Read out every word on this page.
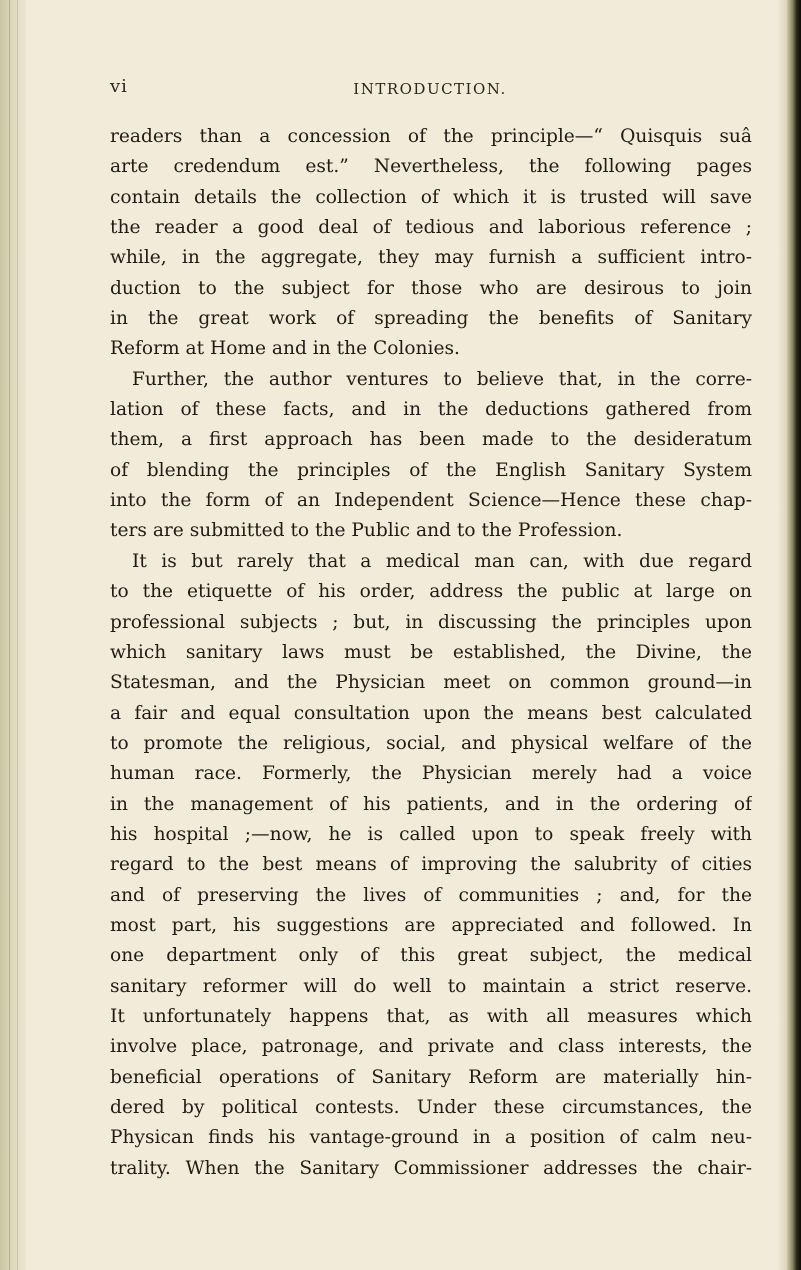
vi	INTRODUCTION.
readers than a concession of the principle—“ Quisquis suâ
arte credendum est.” Nevertheless, the following pages
contain details the collection of which it is trusted will save
the reader a good deal of tedious and laborious reference ;
while, in the aggregate, they may furnish a sufficient intro-
duction to the subject for those who are desirous to join
in the great work of spreading the benefits of Sanitary
Reform at Home and in the Colonies.
Further, the author ventures to believe that, in the corre-
lation of these facts, and in the deductions gathered from
them, a first approach has been made to the desideratum
of blending the principles of the English Sanitary System
into the form of an Independent Science—Hence these chap-
ters are submitted to the Public and to the Profession.
It is but rarely that a medical man can, with due regard
to the etiquette of his order, address the public at large on
professional subjects ; but, in discussing the principles upon
which sanitary laws must be established, the Divine, the
Statesman, and the Physician meet on common ground—in
a fair and equal consultation upon the means best calculated
to promote the religious, social, and physical welfare of the
human race. Formerly, the Physician merely had a voice
in the management of his patients, and in the ordering of
his hospital ;—now, he is called upon to speak freely with
regard to the best means of improving the salubrity of cities
and of preserving the lives of communities ; and, for the
most part, his suggestions are appreciated and followed. In
one department only of this great subject, the medical
sanitary reformer will do well to maintain a strict reserve.
It unfortunately happens that, as with all measures which
involve place, patronage, and private and class interests, the
beneficial operations of Sanitary Reform are materially hin-
dered by political contests. Under these circumstances, the
Physican finds his vantage-ground in a position of calm neu-
trality. When the Sanitary Commissioner addresses the chair-
